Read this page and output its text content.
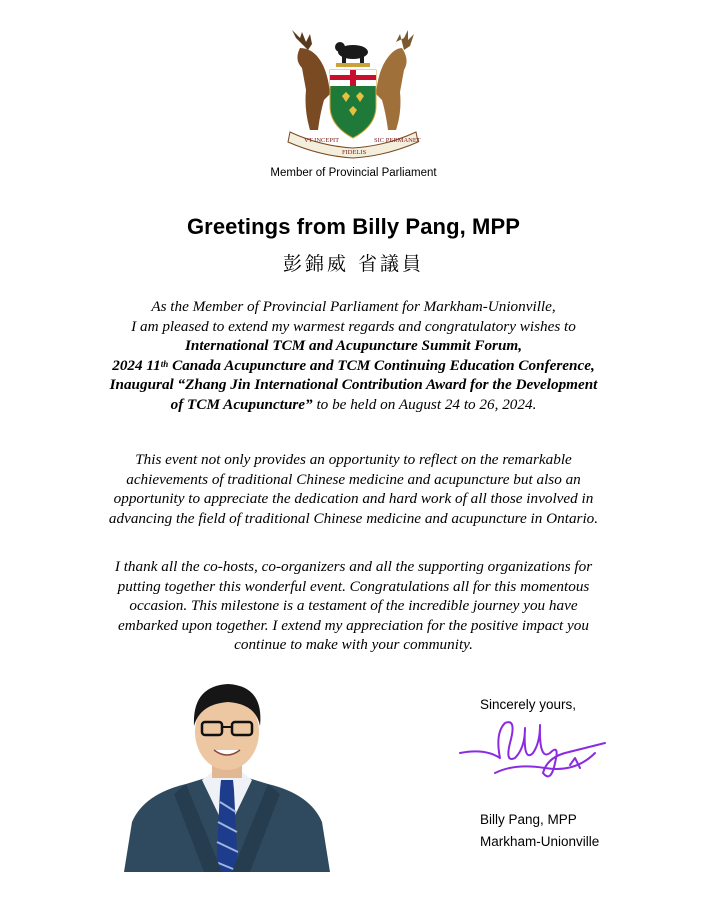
VT INCEPIT
FIDELIS
SIC PERMANET
Member of Provincial Parliament
Greetings from Billy Pang, MPP
彭錦威 省議員
As the Member of Provincial Parliament for Markham-Unionville,
I am pleased to extend my warmest regards and congratulatory wishes to
International TCM and Acupuncture Summit Forum,
2024 11th Canada Acupuncture and TCM Continuing Education Conference,
Inaugural “Zhang Jin International Contribution Award for the Development
of TCM Acupuncture” to be held on August 24 to 26, 2024.
This event not only provides an opportunity to reflect on the remarkable
achievements of traditional Chinese medicine and acupuncture but also an
opportunity to appreciate the dedication and hard work of all those involved in
advancing the field of traditional Chinese medicine and acupuncture in Ontario.
I thank all the co-hosts, co-organizers and all the supporting organizations for
putting together this wonderful event. Congratulations all for this momentous
occasion. This milestone is a testament of the incredible journey you have
embarked upon together. I extend my appreciation for the positive impact you
continue to make with your community.
Sincerely yours,
Billy Pang, MPP
Markham-Unionville
